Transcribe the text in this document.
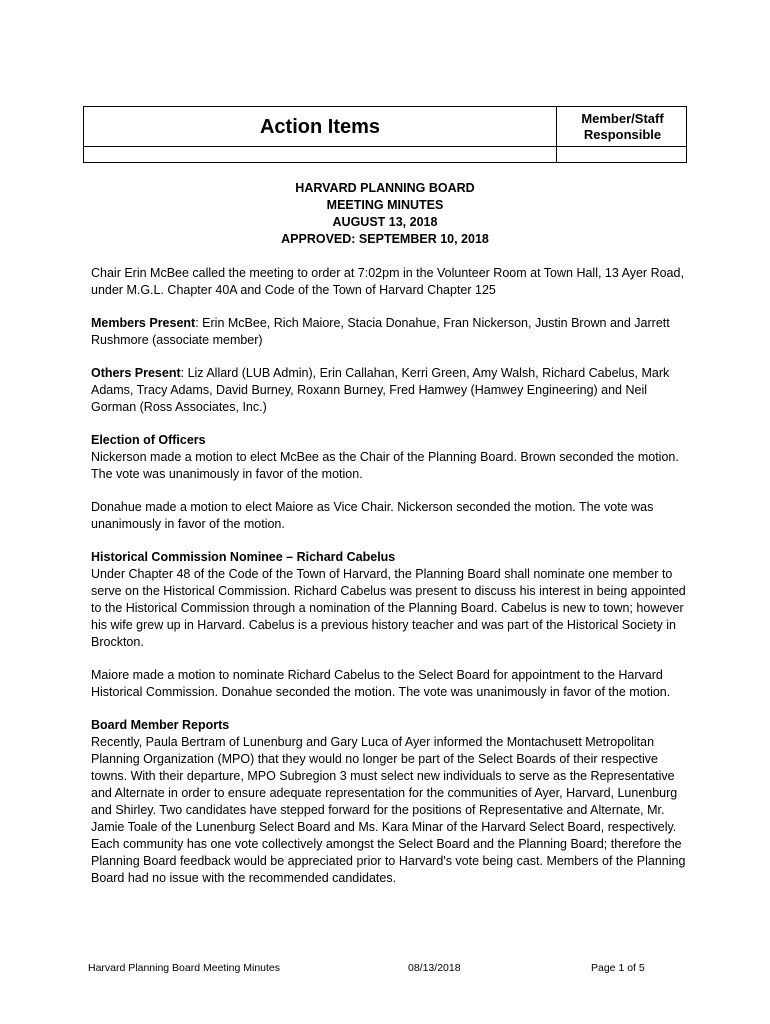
Action Items	Member/Staff
Responsible
HARVARD PLANNING BOARD
MEETING MINUTES
AUGUST 13, 2018
APPROVED: SEPTEMBER 10, 2018

Chair Erin McBee called the meeting to order at 7:02pm in the Volunteer Room at Town Hall, 13 Ayer Road, under M.G.L. Chapter 40A and Code of the Town of Harvard Chapter 125

Members Present: Erin McBee, Rich Maiore, Stacia Donahue, Fran Nickerson, Justin Brown and Jarrett Rushmore (associate member)

Others Present: Liz Allard (LUB Admin), Erin Callahan, Kerri Green, Amy Walsh, Richard Cabelus, Mark Adams, Tracy Adams, David Burney, Roxann Burney, Fred Hamwey (Hamwey Engineering) and Neil Gorman (Ross Associates, Inc.)

Election of Officers
Nickerson made a motion to elect McBee as the Chair of the Planning Board. Brown seconded the motion. The vote was unanimously in favor of the motion.

Donahue made a motion to elect Maiore as Vice Chair. Nickerson seconded the motion. The vote was unanimously in favor of the motion.

Historical Commission Nominee – Richard Cabelus
Under Chapter 48 of the Code of the Town of Harvard, the Planning Board shall nominate one member to serve on the Historical Commission. Richard Cabelus was present to discuss his interest in being appointed to the Historical Commission through a nomination of the Planning Board. Cabelus is new to town; however his wife grew up in Harvard. Cabelus is a previous history teacher and was part of the Historical Society in Brockton.

Maiore made a motion to nominate Richard Cabelus to the Select Board for appointment to the Harvard Historical Commission. Donahue seconded the motion. The vote was unanimously in favor of the motion.

Board Member Reports
Recently, Paula Bertram of Lunenburg and Gary Luca of Ayer informed the Montachusett Metropolitan Planning Organization (MPO) that they would no longer be part of the Select Boards of their respective towns. With their departure, MPO Subregion 3 must select new individuals to serve as the Representative and Alternate in order to ensure adequate representation for the communities of Ayer, Harvard, Lunenburg and Shirley. Two candidates have stepped forward for the positions of Representative and Alternate, Mr. Jamie Toale of the Lunenburg Select Board and Ms. Kara Minar of the Harvard Select Board, respectively. Each community has one vote collectively amongst the Select Board and the Planning Board; therefore the Planning Board feedback would be appreciated prior to Harvard's vote being cast. Members of the Planning Board had no issue with the recommended candidates.

Harvard Planning Board Meeting Minutes	08/13/2018	Page 1 of 5
